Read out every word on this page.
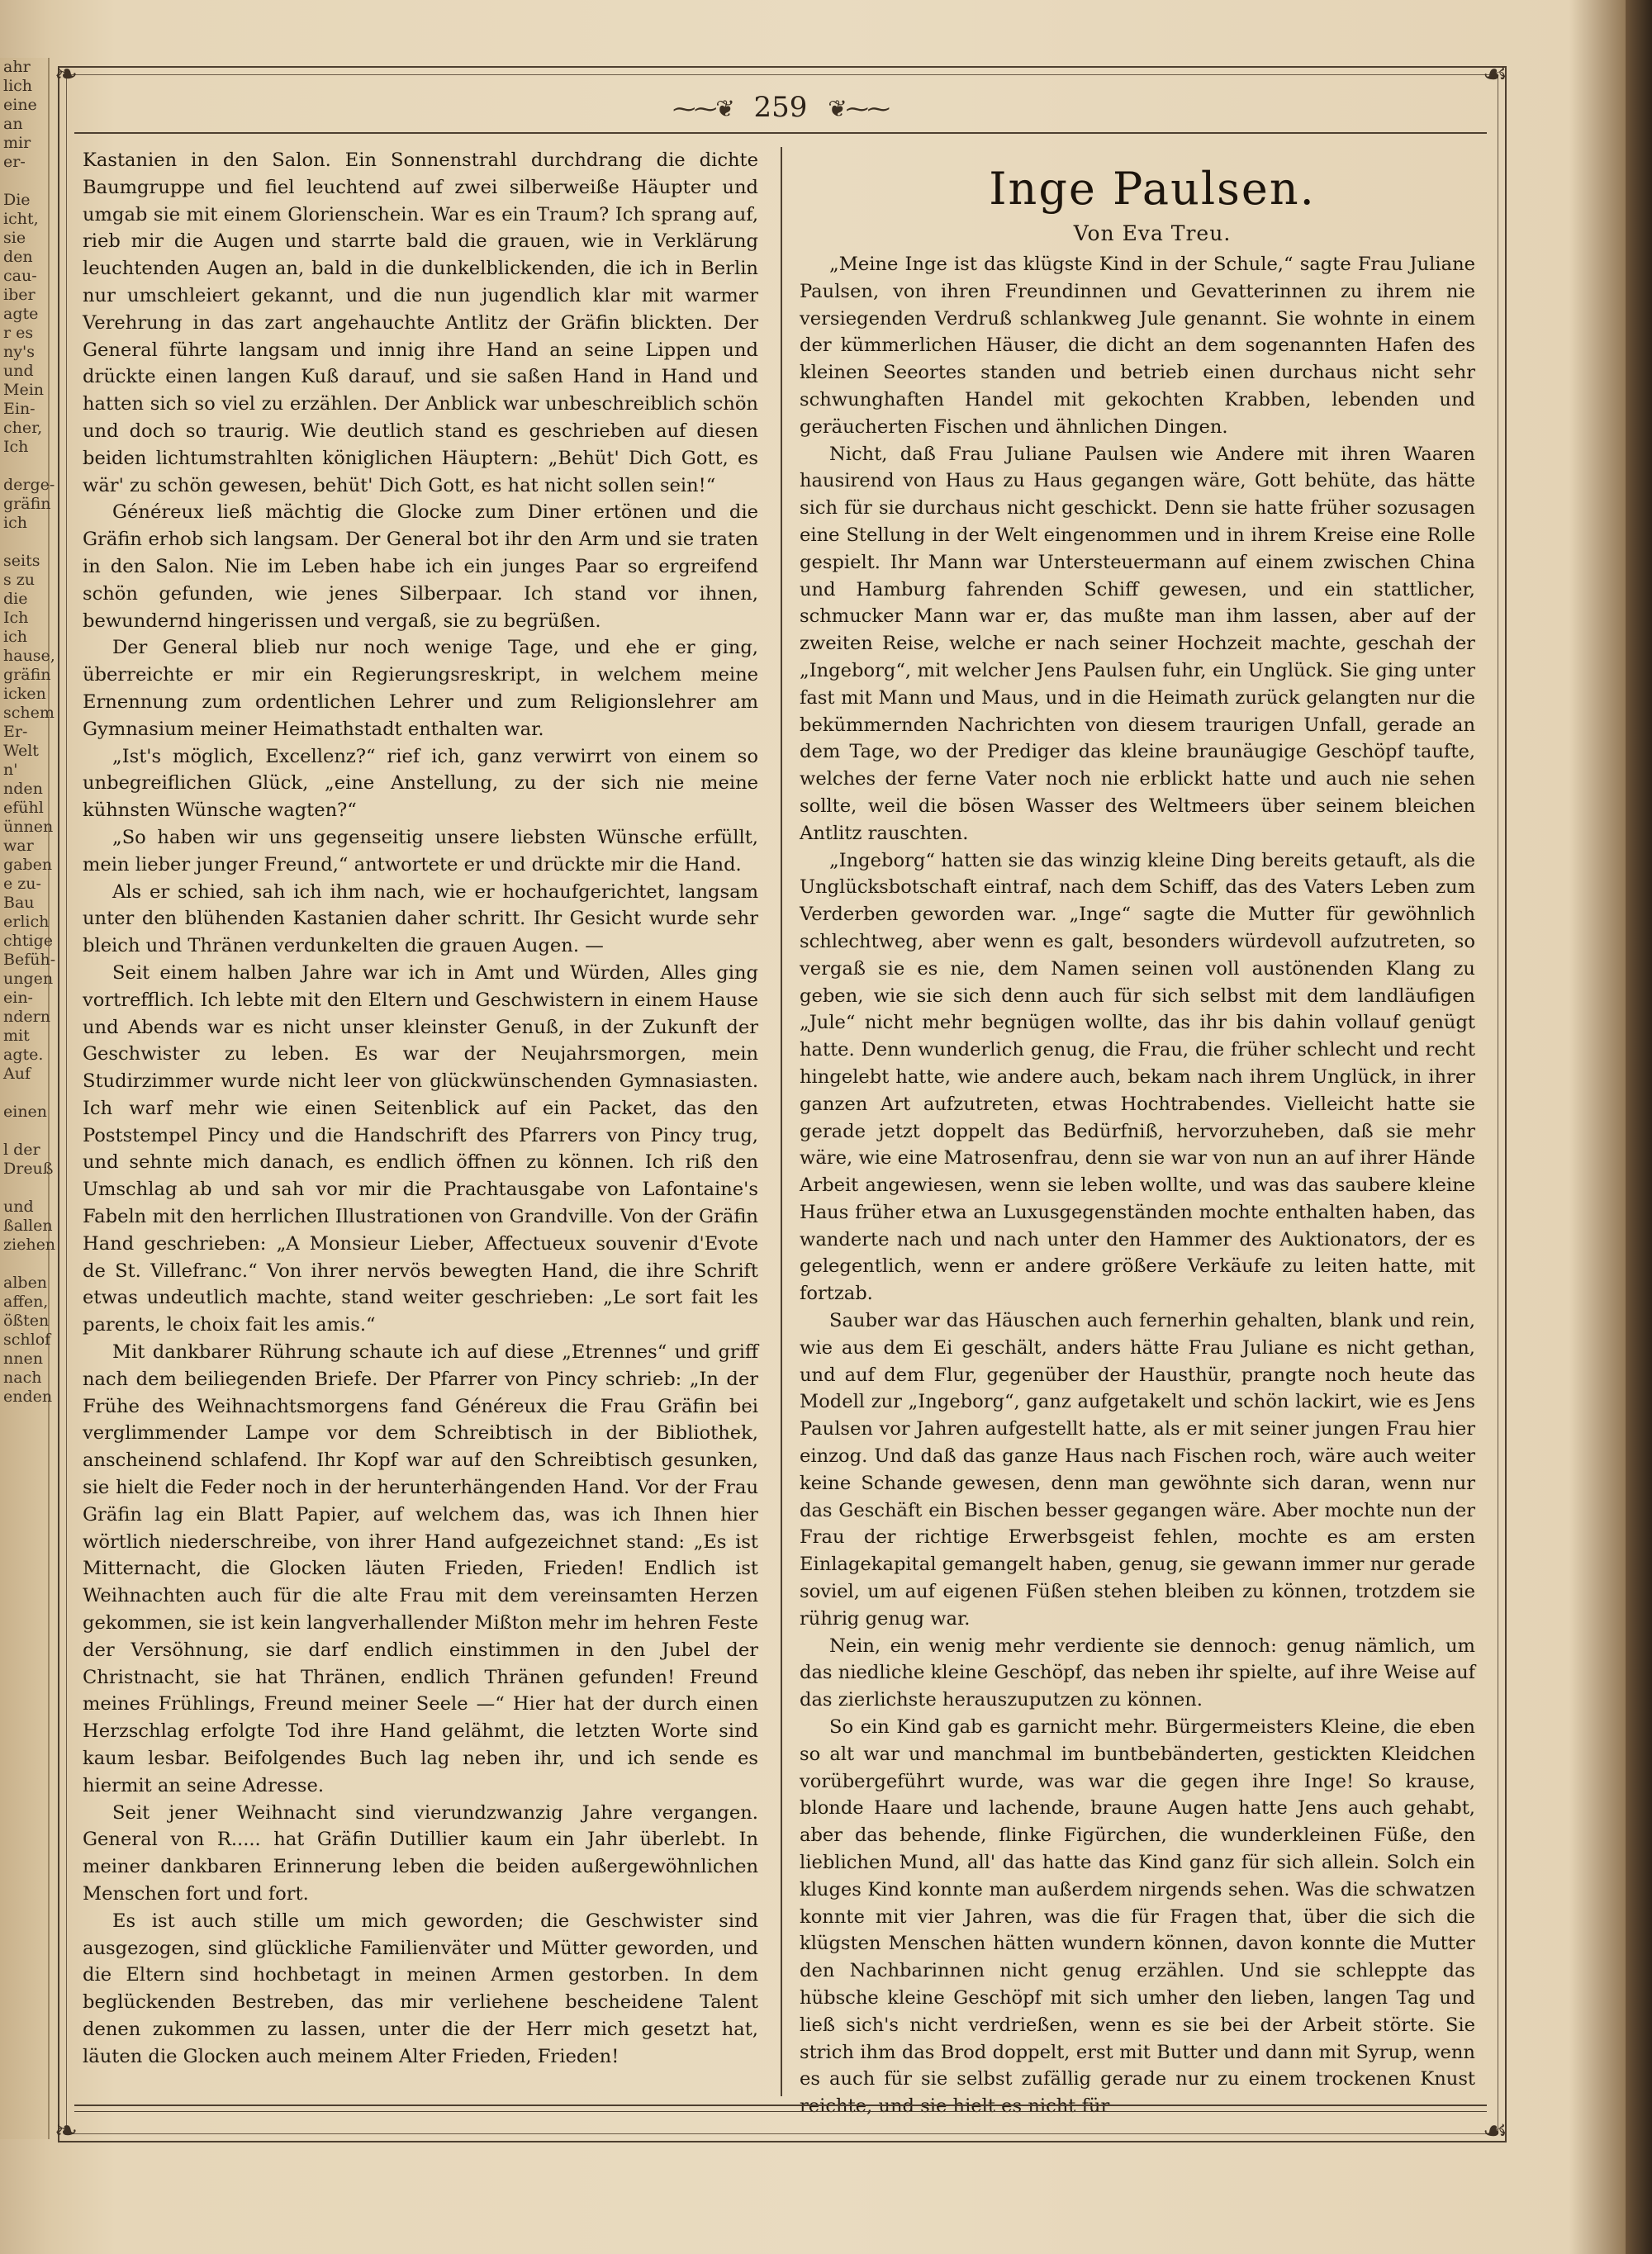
ahr
lich
eine
an
mir
er-

Die
icht,
sie
den
cau-
iber
agte
r es
ny's
und
Mein
Ein-
cher,
Ich

derge-
gräfin
ich

seits
s zu
die
Ich
ich
hause,
gräfin
icken
schem
Er-
Welt
n'
nden
efühl
ünnen
war
gaben
e zu-
Bau
erlich
chtige
Befüh-
ungen
ein-
ndern
mit
agte.
Auf

einen

l der
Dreuß

und
ßallen
ziehen

alben
affen,
ößten
schlof
nnen
nach
enden
❧	☙
❧	☙
⁓⁓❦ 259 ❦⁓⁓

Kastanien in den Salon. Ein Sonnenstrahl durchdrang die dichte Baumgruppe und fiel leuchtend auf zwei silberweiße Häupter und umgab sie mit einem Glorienschein. War es ein Traum? Ich sprang auf, rieb mir die Augen und starrte bald die grauen, wie in Verklärung leuchtenden Augen an, bald in die dunkelblickenden, die ich in Berlin nur umschleiert gekannt, und die nun jugendlich klar mit warmer Verehrung in das zart angehauchte Antlitz der Gräfin blickten. Der General führte langsam und innig ihre Hand an seine Lippen und drückte einen langen Kuß darauf, und sie saßen Hand in Hand und hatten sich so viel zu erzählen. Der Anblick war unbeschreiblich schön und doch so traurig. Wie deutlich stand es geschrieben auf diesen beiden lichtumstrahlten königlichen Häuptern: „Behüt' Dich Gott, es wär' zu schön gewesen, behüt' Dich Gott, es hat nicht sollen sein!“

Généreux ließ mächtig die Glocke zum Diner ertönen und die Gräfin erhob sich langsam. Der General bot ihr den Arm und sie traten in den Salon. Nie im Leben habe ich ein junges Paar so ergreifend schön gefunden, wie jenes Silberpaar. Ich stand vor ihnen, bewundernd hingerissen und vergaß, sie zu begrüßen.

Der General blieb nur noch wenige Tage, und ehe er ging, überreichte er mir ein Regierungsreskript, in welchem meine Ernennung zum ordentlichen Lehrer und zum Religionslehrer am Gymnasium meiner Heimathstadt enthalten war.

„Ist's möglich, Excellenz?“ rief ich, ganz verwirrt von einem so unbegreiflichen Glück, „eine Anstellung, zu der sich nie meine kühnsten Wünsche wagten?“

„So haben wir uns gegenseitig unsere liebsten Wünsche erfüllt, mein lieber junger Freund,“ antwortete er und drückte mir die Hand.

Als er schied, sah ich ihm nach, wie er hochaufgerichtet, langsam unter den blühenden Kastanien daher schritt. Ihr Gesicht wurde sehr bleich und Thränen verdunkelten die grauen Augen. —

Seit einem halben Jahre war ich in Amt und Würden, Alles ging vortrefflich. Ich lebte mit den Eltern und Geschwistern in einem Hause und Abends war es nicht unser kleinster Genuß, in der Zukunft der Geschwister zu leben. Es war der Neujahrsmorgen, mein Studirzimmer wurde nicht leer von glückwünschenden Gymnasiasten. Ich warf mehr wie einen Seitenblick auf ein Packet, das den Poststempel Pincy und die Handschrift des Pfarrers von Pincy trug, und sehnte mich danach, es endlich öffnen zu können. Ich riß den Umschlag ab und sah vor mir die Prachtausgabe von Lafontaine's Fabeln mit den herrlichen Illustrationen von Grandville. Von der Gräfin Hand geschrieben: „A Monsieur Lieber, Affectueux souvenir d'Evote de St. Villefranc.“ Von ihrer nervös bewegten Hand, die ihre Schrift etwas undeutlich machte, stand weiter geschrieben: „Le sort fait les parents, le choix fait les amis.“

Mit dankbarer Rührung schaute ich auf diese „Etrennes“ und griff nach dem beiliegenden Briefe. Der Pfarrer von Pincy schrieb: „In der Frühe des Weihnachtsmorgens fand Généreux die Frau Gräfin bei verglimmender Lampe vor dem Schreibtisch in der Bibliothek, anscheinend schlafend. Ihr Kopf war auf den Schreibtisch gesunken, sie hielt die Feder noch in der herunterhängenden Hand. Vor der Frau Gräfin lag ein Blatt Papier, auf welchem das, was ich Ihnen hier wörtlich niederschreibe, von ihrer Hand aufgezeichnet stand: „Es ist Mitternacht, die Glocken läuten Frieden, Frieden! Endlich ist Weihnachten auch für die alte Frau mit dem vereinsamten Herzen gekommen, sie ist kein langverhallender Mißton mehr im hehren Feste der Versöhnung, sie darf endlich einstimmen in den Jubel der Christnacht, sie hat Thränen, endlich Thränen gefunden! Freund meines Frühlings, Freund meiner Seele —“ Hier hat der durch einen Herzschlag erfolgte Tod ihre Hand gelähmt, die letzten Worte sind kaum lesbar. Beifolgendes Buch lag neben ihr, und ich sende es hiermit an seine Adresse.

Seit jener Weihnacht sind vierundzwanzig Jahre vergangen. General von R..... hat Gräfin Dutillier kaum ein Jahr überlebt. In meiner dankbaren Erinnerung leben die beiden außergewöhnlichen Menschen fort und fort.

Es ist auch stille um mich geworden; die Geschwister sind ausgezogen, sind glückliche Familienväter und Mütter geworden, und die Eltern sind hochbetagt in meinen Armen gestorben. In dem beglückenden Bestreben, das mir verliehene bescheidene Talent denen zukommen zu lassen, unter die der Herr mich gesetzt hat, läuten die Glocken auch meinem Alter Frieden, Frieden!

Inge Paulsen.

Von Eva Treu.

„Meine Inge ist das klügste Kind in der Schule,“ sagte Frau Juliane Paulsen, von ihren Freundinnen und Gevatterinnen zu ihrem nie versiegenden Verdruß schlankweg Jule genannt. Sie wohnte in einem der kümmerlichen Häuser, die dicht an dem sogenannten Hafen des kleinen Seeortes standen und betrieb einen durchaus nicht sehr schwunghaften Handel mit gekochten Krabben, lebenden und geräucherten Fischen und ähnlichen Dingen.

Nicht, daß Frau Juliane Paulsen wie Andere mit ihren Waaren hausirend von Haus zu Haus gegangen wäre, Gott behüte, das hätte sich für sie durchaus nicht geschickt. Denn sie hatte früher sozusagen eine Stellung in der Welt eingenommen und in ihrem Kreise eine Rolle gespielt. Ihr Mann war Untersteuermann auf einem zwischen China und Hamburg fahrenden Schiff gewesen, und ein stattlicher, schmucker Mann war er, das mußte man ihm lassen, aber auf der zweiten Reise, welche er nach seiner Hochzeit machte, geschah der „Ingeborg“, mit welcher Jens Paulsen fuhr, ein Unglück. Sie ging unter fast mit Mann und Maus, und in die Heimath zurück gelangten nur die bekümmernden Nachrichten von diesem traurigen Unfall, gerade an dem Tage, wo der Prediger das kleine braunäugige Geschöpf taufte, welches der ferne Vater noch nie erblickt hatte und auch nie sehen sollte, weil die bösen Wasser des Weltmeers über seinem bleichen Antlitz rauschten.

„Ingeborg“ hatten sie das winzig kleine Ding bereits getauft, als die Unglücksbotschaft eintraf, nach dem Schiff, das des Vaters Leben zum Verderben geworden war. „Inge“ sagte die Mutter für gewöhnlich schlechtweg, aber wenn es galt, besonders würdevoll aufzutreten, so vergaß sie es nie, dem Namen seinen voll austönenden Klang zu geben, wie sie sich denn auch für sich selbst mit dem landläufigen „Jule“ nicht mehr begnügen wollte, das ihr bis dahin vollauf genügt hatte. Denn wunderlich genug, die Frau, die früher schlecht und recht hingelebt hatte, wie andere auch, bekam nach ihrem Unglück, in ihrer ganzen Art aufzutreten, etwas Hochtrabendes. Vielleicht hatte sie gerade jetzt doppelt das Bedürfniß, hervorzuheben, daß sie mehr wäre, wie eine Matrosenfrau, denn sie war von nun an auf ihrer Hände Arbeit angewiesen, wenn sie leben wollte, und was das saubere kleine Haus früher etwa an Luxusgegenständen mochte enthalten haben, das wanderte nach und nach unter den Hammer des Auktionators, der es gelegentlich, wenn er andere größere Verkäufe zu leiten hatte, mit fortzab.

Sauber war das Häuschen auch fernerhin gehalten, blank und rein, wie aus dem Ei geschält, anders hätte Frau Juliane es nicht gethan, und auf dem Flur, gegenüber der Hausthür, prangte noch heute das Modell zur „Ingeborg“, ganz aufgetakelt und schön lackirt, wie es Jens Paulsen vor Jahren aufgestellt hatte, als er mit seiner jungen Frau hier einzog. Und daß das ganze Haus nach Fischen roch, wäre auch weiter keine Schande gewesen, denn man gewöhnte sich daran, wenn nur das Geschäft ein Bischen besser gegangen wäre. Aber mochte nun der Frau der richtige Erwerbsgeist fehlen, mochte es am ersten Einlagekapital gemangelt haben, genug, sie gewann immer nur gerade soviel, um auf eigenen Füßen stehen bleiben zu können, trotzdem sie rührig genug war.

Nein, ein wenig mehr verdiente sie dennoch: genug nämlich, um das niedliche kleine Geschöpf, das neben ihr spielte, auf ihre Weise auf das zierlichste herauszuputzen zu können.

So ein Kind gab es garnicht mehr. Bürgermeisters Kleine, die eben so alt war und manchmal im buntbebänderten, gestickten Kleidchen vorübergeführt wurde, was war die gegen ihre Inge! So krause, blonde Haare und lachende, braune Augen hatte Jens auch gehabt, aber das behende, flinke Figürchen, die wunderkleinen Füße, den lieblichen Mund, all' das hatte das Kind ganz für sich allein. Solch ein kluges Kind konnte man außerdem nirgends sehen. Was die schwatzen konnte mit vier Jahren, was die für Fragen that, über die sich die klügsten Menschen hätten wundern können, davon konnte die Mutter den Nachbarinnen nicht genug erzählen. Und sie schleppte das hübsche kleine Geschöpf mit sich umher den lieben, langen Tag und ließ sich's nicht verdrießen, wenn es sie bei der Arbeit störte. Sie strich ihm das Brod doppelt, erst mit Butter und dann mit Syrup, wenn es auch für sie selbst zufällig gerade nur zu einem trockenen Knust reichte, und sie hielt es nicht für
